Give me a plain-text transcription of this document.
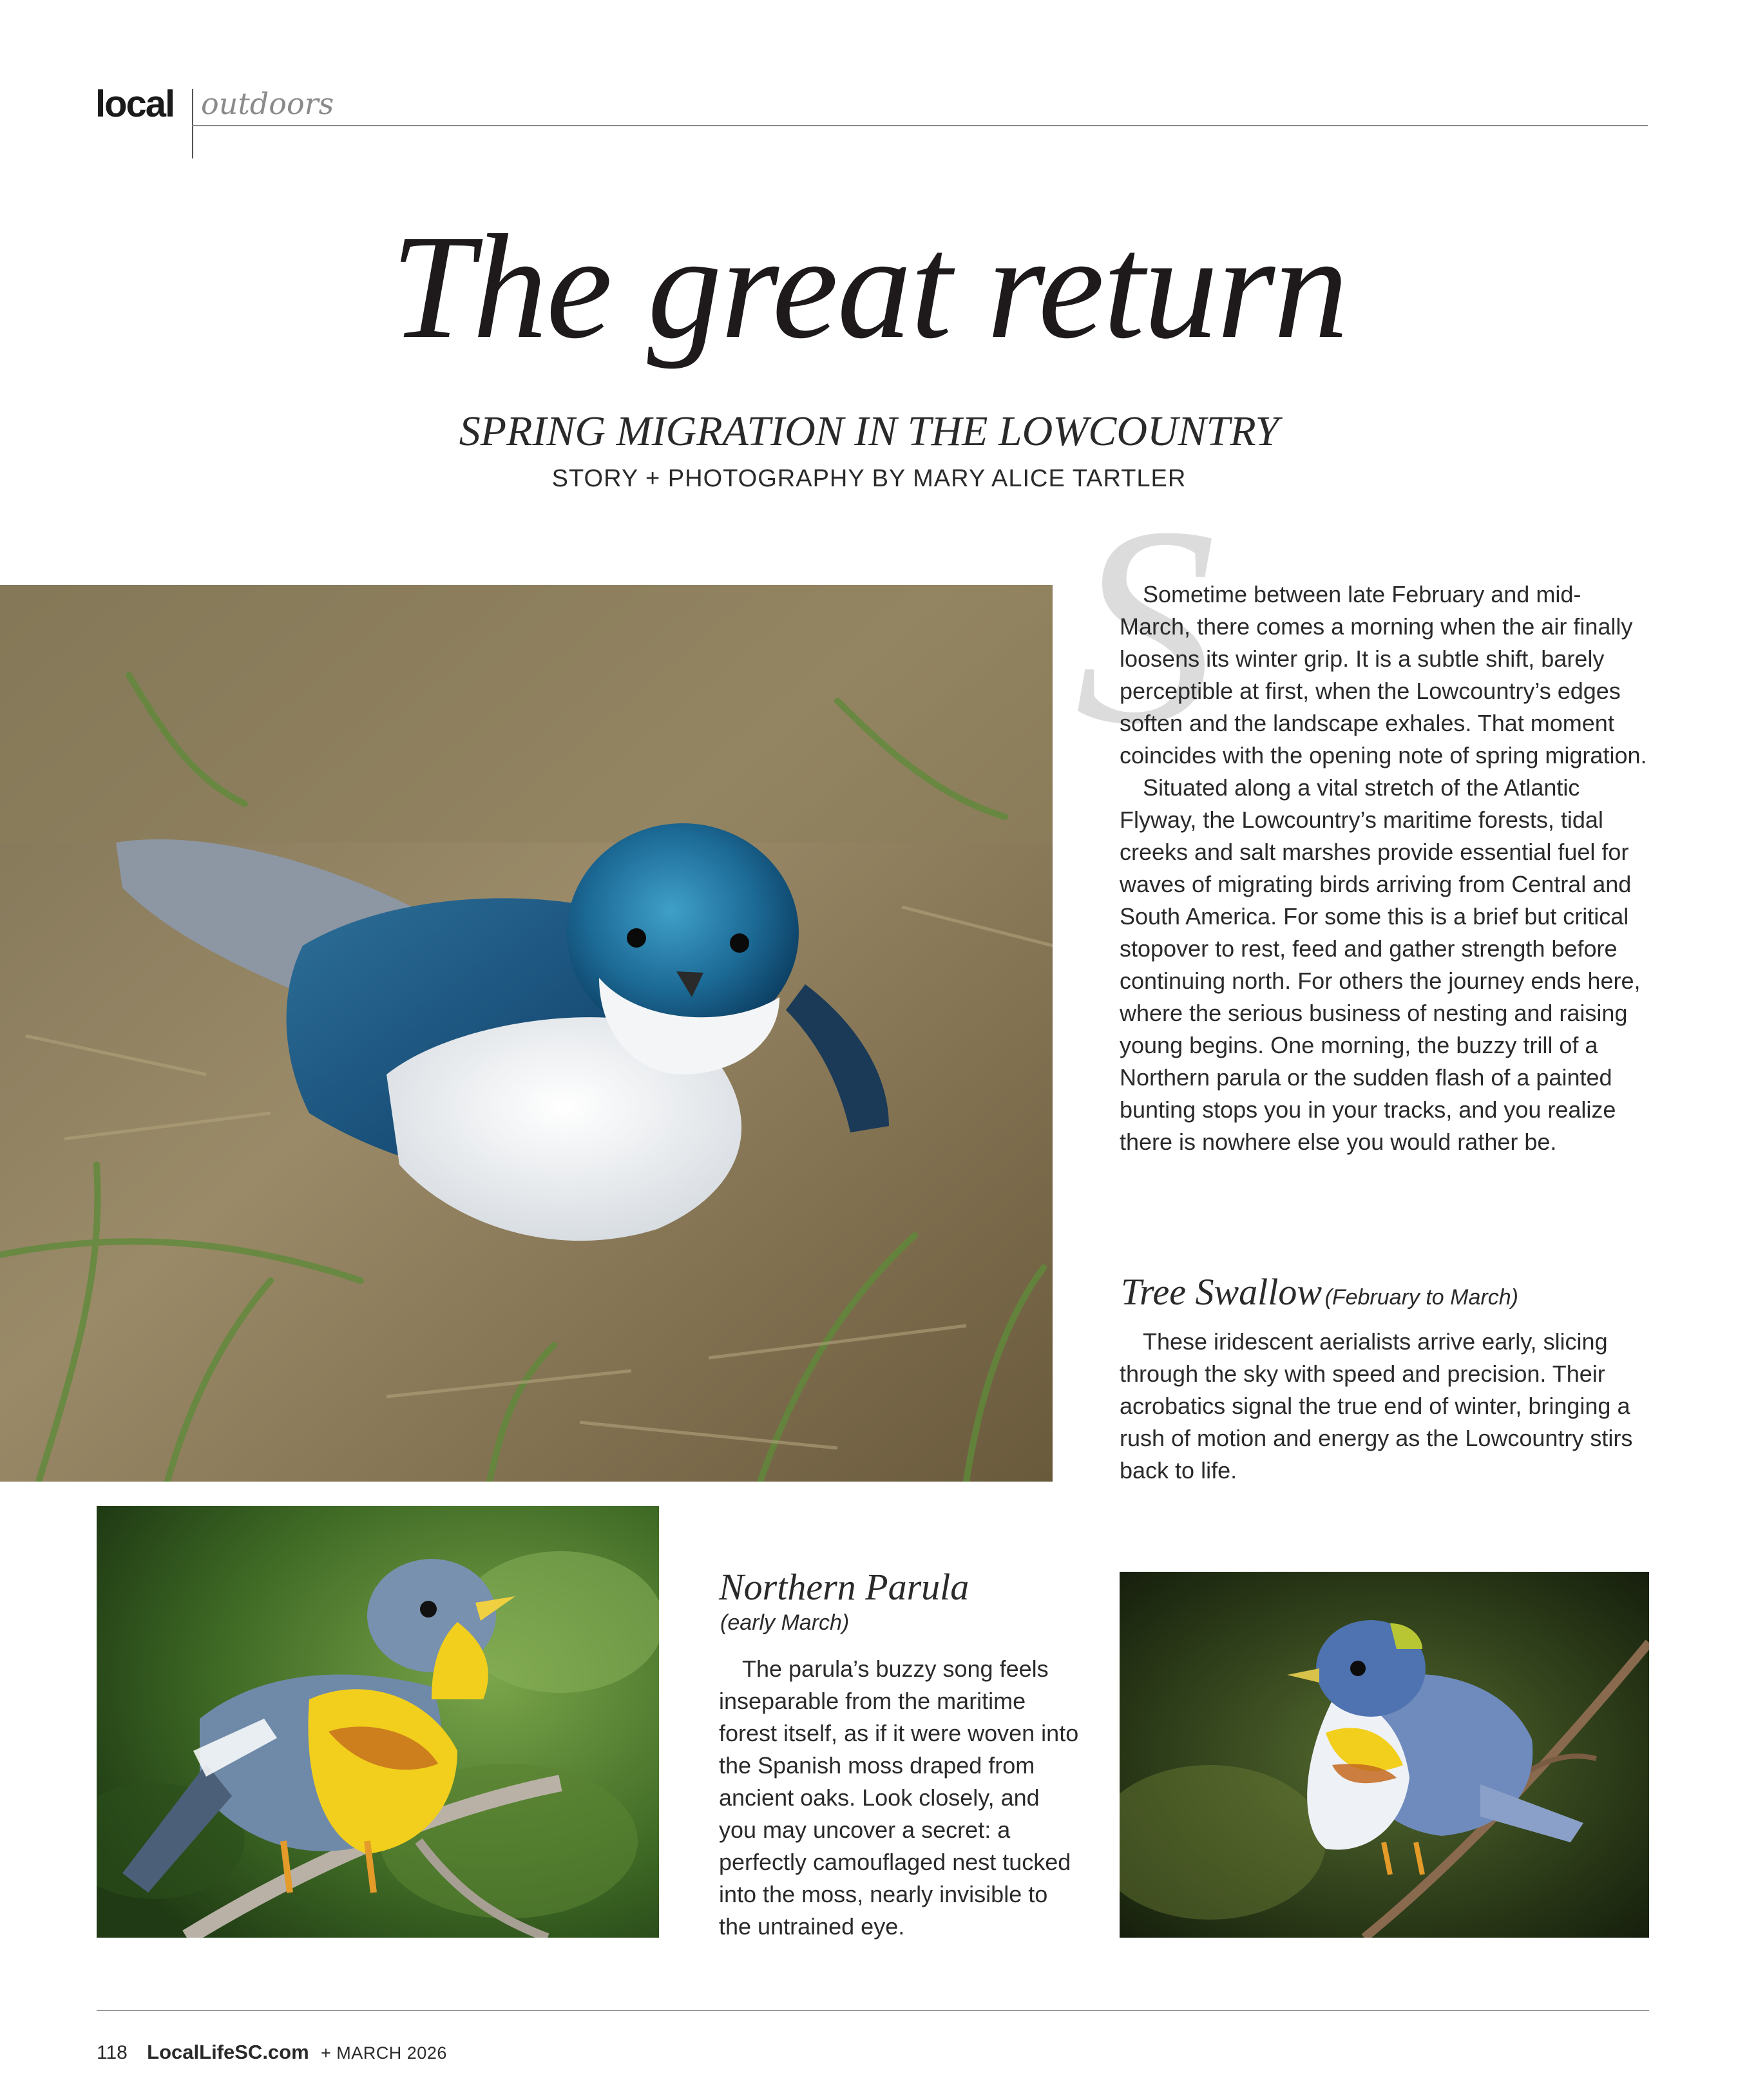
local outdoors
The great return
SPRING MIGRATION IN THE LOWCOUNTRY
STORY + PHOTOGRAPHY BY MARY ALICE TARTLER
S

Sometime between late February and mid-March, there comes a morning when the air finally loosens its winter grip. It is a subtle shift, barely perceptible at first, when the Lowcountry’s edges soften and the landscape exhales. That moment coincides with the opening note of spring migration.

Situated along a vital stretch of the Atlantic Flyway, the Lowcountry’s maritime forests, tidal creeks and salt marshes provide essential fuel for waves of migrating birds arriving from Central and South America. For some this is a brief but critical stopover to rest, feed and gather strength before continuing north. For others the journey ends here, where the serious business of nesting and raising young begins. One morning, the buzzy trill of a Northern parula or the sudden flash of a painted bunting stops you in your tracks, and you realize there is nowhere else you would rather be.

Tree Swallow (February to March)

These iridescent aerialists arrive early, slicing through the sky with speed and precision. Their acrobatics signal the true end of winter, bringing a rush of motion and energy as the Lowcountry stirs back to life.

Northern Parula
(early March)

The parula’s buzzy song feels inseparable from the maritime forest itself, as if it were woven into the Spanish moss draped from ancient oaks. Look closely, and you may uncover a secret: a perfectly camouflaged nest tucked into the moss, nearly invisible to the untrained eye.

118 LocalLifeSC.com + MARCH 2026
